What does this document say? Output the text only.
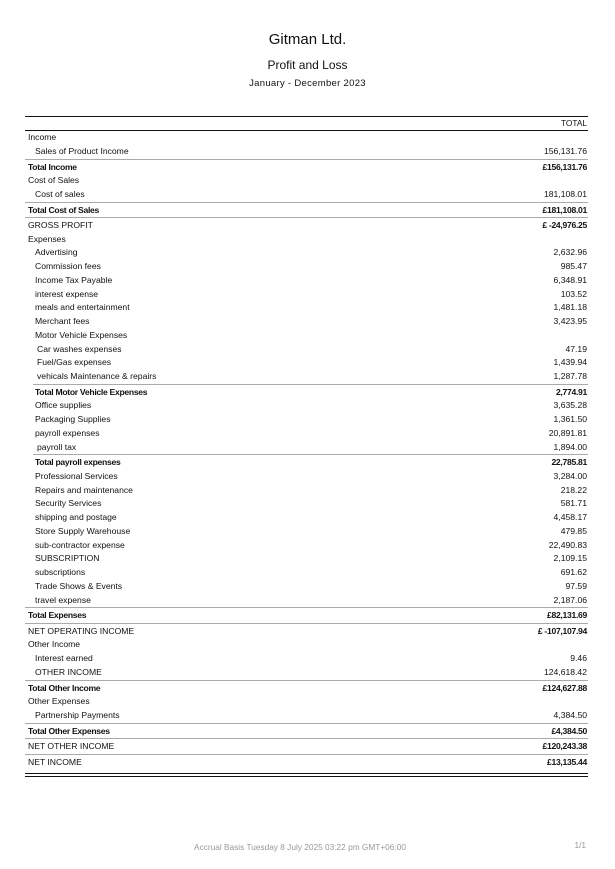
Gitman Ltd.
Profit and Loss
January - December 2023
TOTAL
Income
Sales of Product Income	156,131.76
Total Income	£156,131.76
Cost of Sales
Cost of sales	181,108.01
Total Cost of Sales	£181,108.01
GROSS PROFIT	£ -24,976.25
Expenses
Advertising	2,632.96
Commission fees	985.47
Income Tax Payable	6,348.91
interest expense	103.52
meals and entertainment	1,481.18
Merchant fees	3,423.95
Motor Vehicle Expenses
Car washes expenses	47.19
Fuel/Gas expenses	1,439.94
vehicals Maintenance & repairs	1,287.78
Total Motor Vehicle Expenses	2,774.91
Office supplies	3,635.28
Packaging Supplies	1,361.50
payroll expenses	20,891.81
payroll tax	1,894.00
Total payroll expenses	22,785.81
Professional Services	3,284.00
Repairs and maintenance	218.22
Security Services	581.71
shipping and postage	4,458.17
Store Supply Warehouse	479.85
sub-contractor expense	22,490.83
SUBSCRIPTION	2,109.15
subscriptions	691.62
Trade Shows & Events	97.59
travel expense	2,187.06
Total Expenses	£82,131.69
NET OPERATING INCOME	£ -107,107.94
Other Income
Interest earned	9.46
OTHER INCOME	124,618.42
Total Other Income	£124,627.88
Other Expenses
Partnership Payments	4,384.50
Total Other Expenses	£4,384.50
NET OTHER INCOME	£120,243.38
NET INCOME	£13,135.44
Accrual Basis Tuesday 8 July 2025 03:22 pm GMT+06:00	1/1
